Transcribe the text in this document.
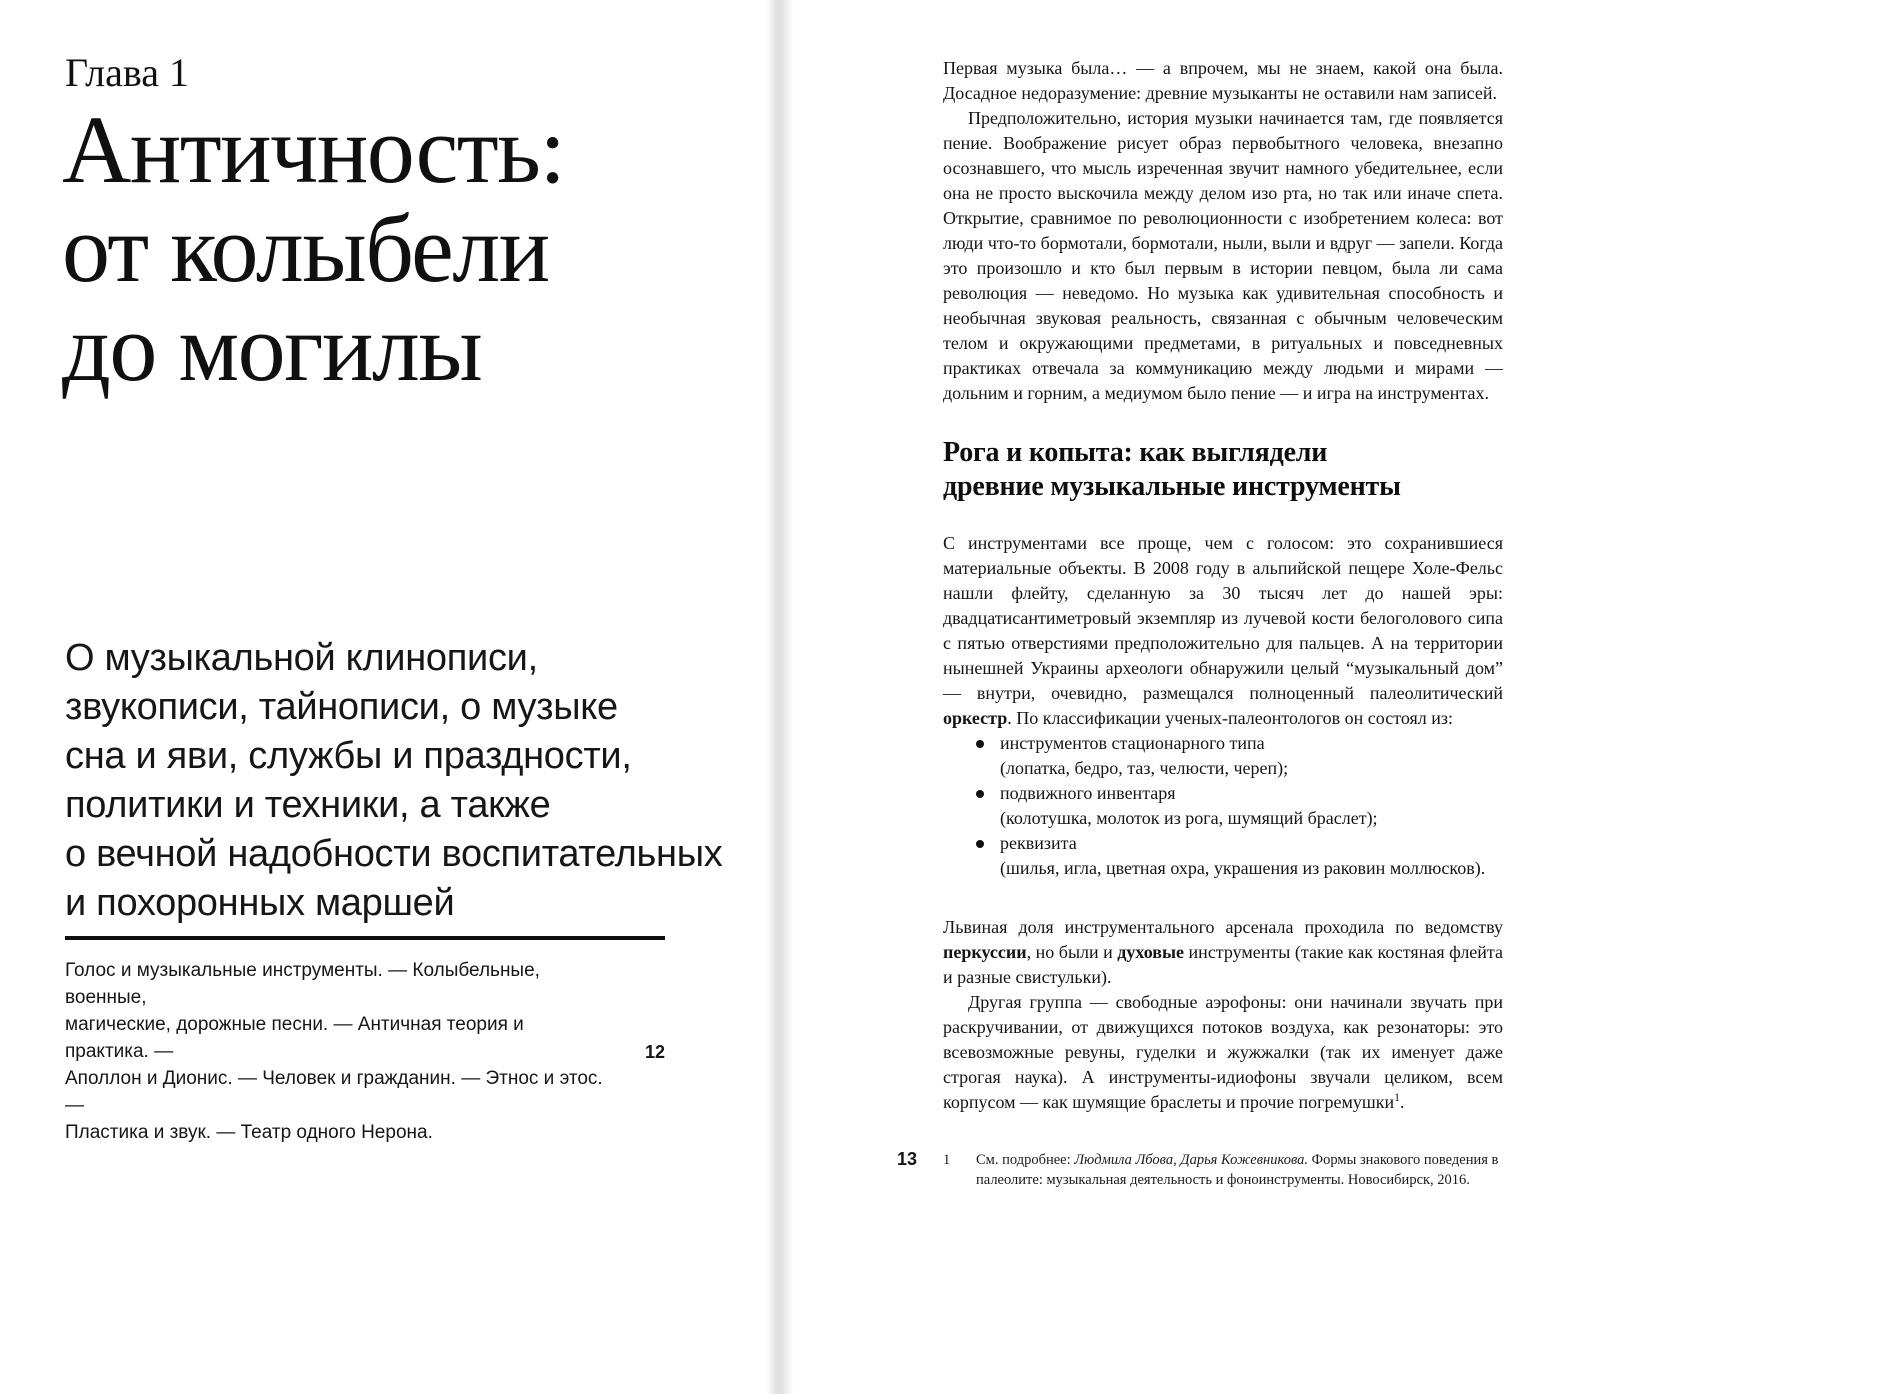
Глава 1
Античность:
от колыбели
до могилы
О музыкальной клинописи,
звукописи, тайнописи, о музыке
сна и яви, службы и праздности,
политики и техники, а также
о вечной надобности воспитательных
и похоронных маршей
Голос и музыкальные инструменты. — Колыбельные, военные,
магические, дорожные песни. — Античная теория и практика. —
Аполлон и Дионис. — Человек и гражданин. — Этнос и этос. —
Пластика и звук. — Театр одного Нерона.
12

Первая музыка была… — а впрочем, мы не знаем, какой она была. Досадное недоразумение: древние музыканты не оставили нам записей.

Предположительно, история музыки начинается там, где появляется пение. Воображение рисует образ первобытного человека, внезапно осознавшего, что мысль изреченная звучит намного убедительнее, если она не просто выскочила между делом изо рта, но так или иначе спета. Открытие, сравнимое по революционности с изобретением колеса: вот люди что-то бормотали, бормотали, ныли, выли и вдруг — запели. Когда это произошло и кто был первым в истории певцом, была ли сама революция — неведомо. Но музыка как удивительная способность и необычная звуковая реальность, связанная с обычным человеческим телом и окружающими предметами, в ритуальных и повседневных практиках отвечала за коммуникацию между людьми и мирами — дольним и горним, а медиумом было пение — и игра на инструментах.

Рога и копыта: как выглядели
древние музыкальные инструменты

С инструментами все проще, чем с голосом: это сохранившиеся материальные объекты. В 2008 году в альпийской пещере Холе-Фельс нашли флейту, сделанную за 30 тысяч лет до нашей эры: двадцатисантиметровый экземпляр из лучевой кости белоголового сипа с пятью отверстиями предположительно для пальцев. А на территории нынешней Украины археологи обнаружили целый “музыкальный дом” — внутри, очевидно, размещался полноценный палеолитический оркестр. По классификации ученых-палеонтологов он состоял из:

инструментов стационарного типа
(лопатка, бедро, таз, челюсти, череп);
подвижного инвентаря
(колотушка, молоток из рога, шумящий браслет);
реквизита
(шилья, игла, цветная охра, украшения из раковин моллюсков).

Львиная доля инструментального арсенала проходила по ведомству перкуссии, но были и духовые инструменты (такие как костяная флейта и разные свистульки).

Другая группа — свободные аэрофоны: они начинали звучать при раскручивании, от движущихся потоков воздуха, как резонаторы: это всевозможные ревуны, гуделки и жужжалки (так их именует даже строгая наука). А инструменты-идиофоны звучали целиком, всем корпусом — как шумящие браслеты и прочие погремушки$^1$.

13 1 См. подробнее: Людмила Лбова, Дарья Кожевникова. Формы знакового поведения в палеолите: музыкальная деятельность и фоноинструменты. Новосибирск, 2016.
